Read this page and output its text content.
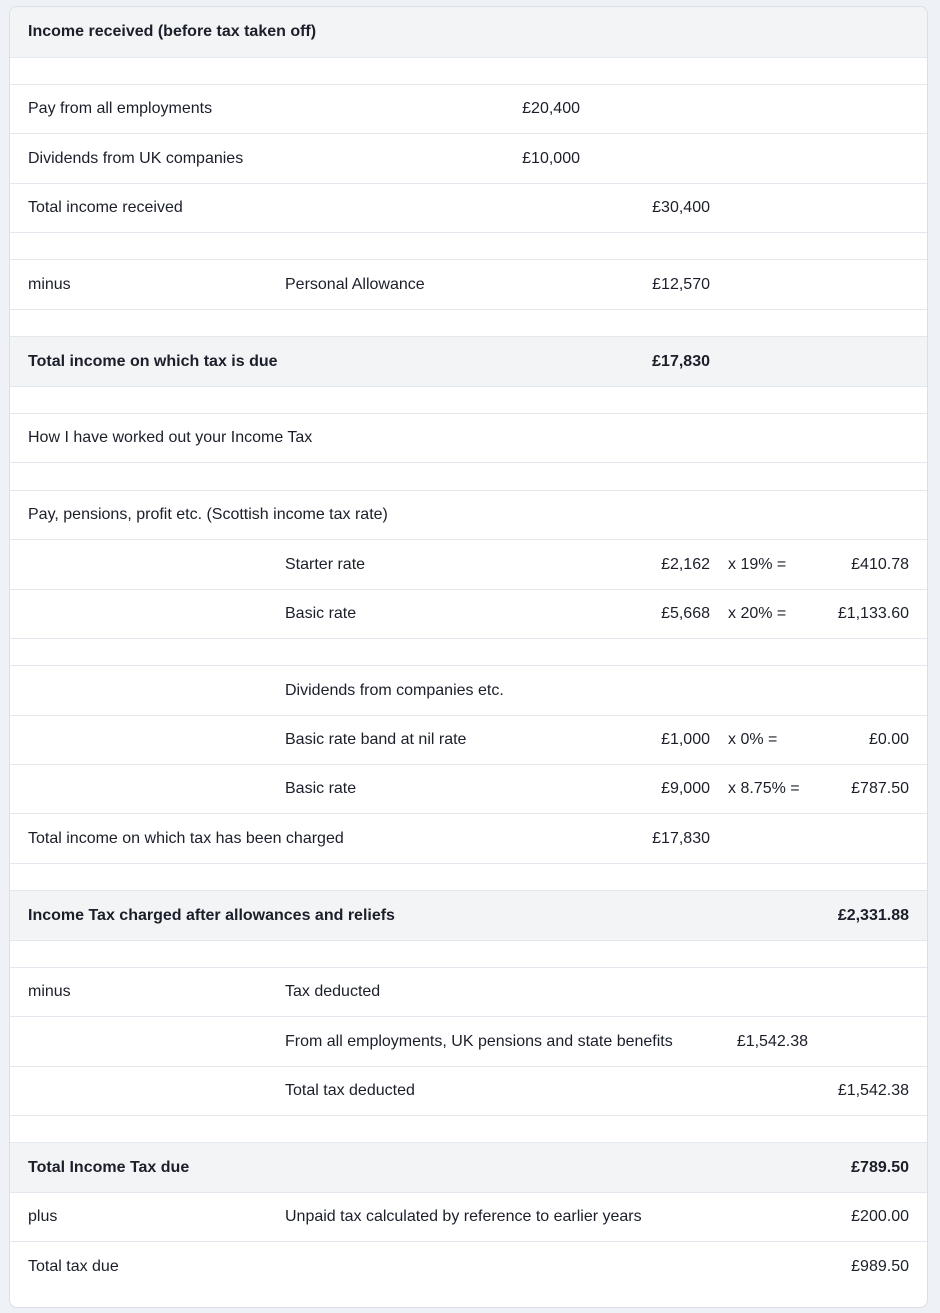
Income received (before tax taken off)
Pay from all employments	£20,400
Dividends from UK companies	£10,000
Total income received	£30,400
minus	Personal Allowance	£12,570
Total income on which tax is due	£17,830
How I have worked out your Income Tax
Pay, pensions, profit etc. (Scottish income tax rate)
Starter rate	£2,162 x 19% =	£410.78
Basic rate	£5,668 x 20% =	£1,133.60
Dividends from companies etc.
Basic rate band at nil rate	£1,000 x 0% =	£0.00
Basic rate	£9,000 x 8.75% =	£787.50
Total income on which tax has been charged	£17,830
Income Tax charged after allowances and reliefs	£2,331.88
minus	Tax deducted
From all employments, UK pensions and state benefits	£1,542.38
Total tax deducted	£1,542.38
Total Income Tax due	£789.50
plus	Unpaid tax calculated by reference to earlier years	£200.00
Total tax due	£989.50
